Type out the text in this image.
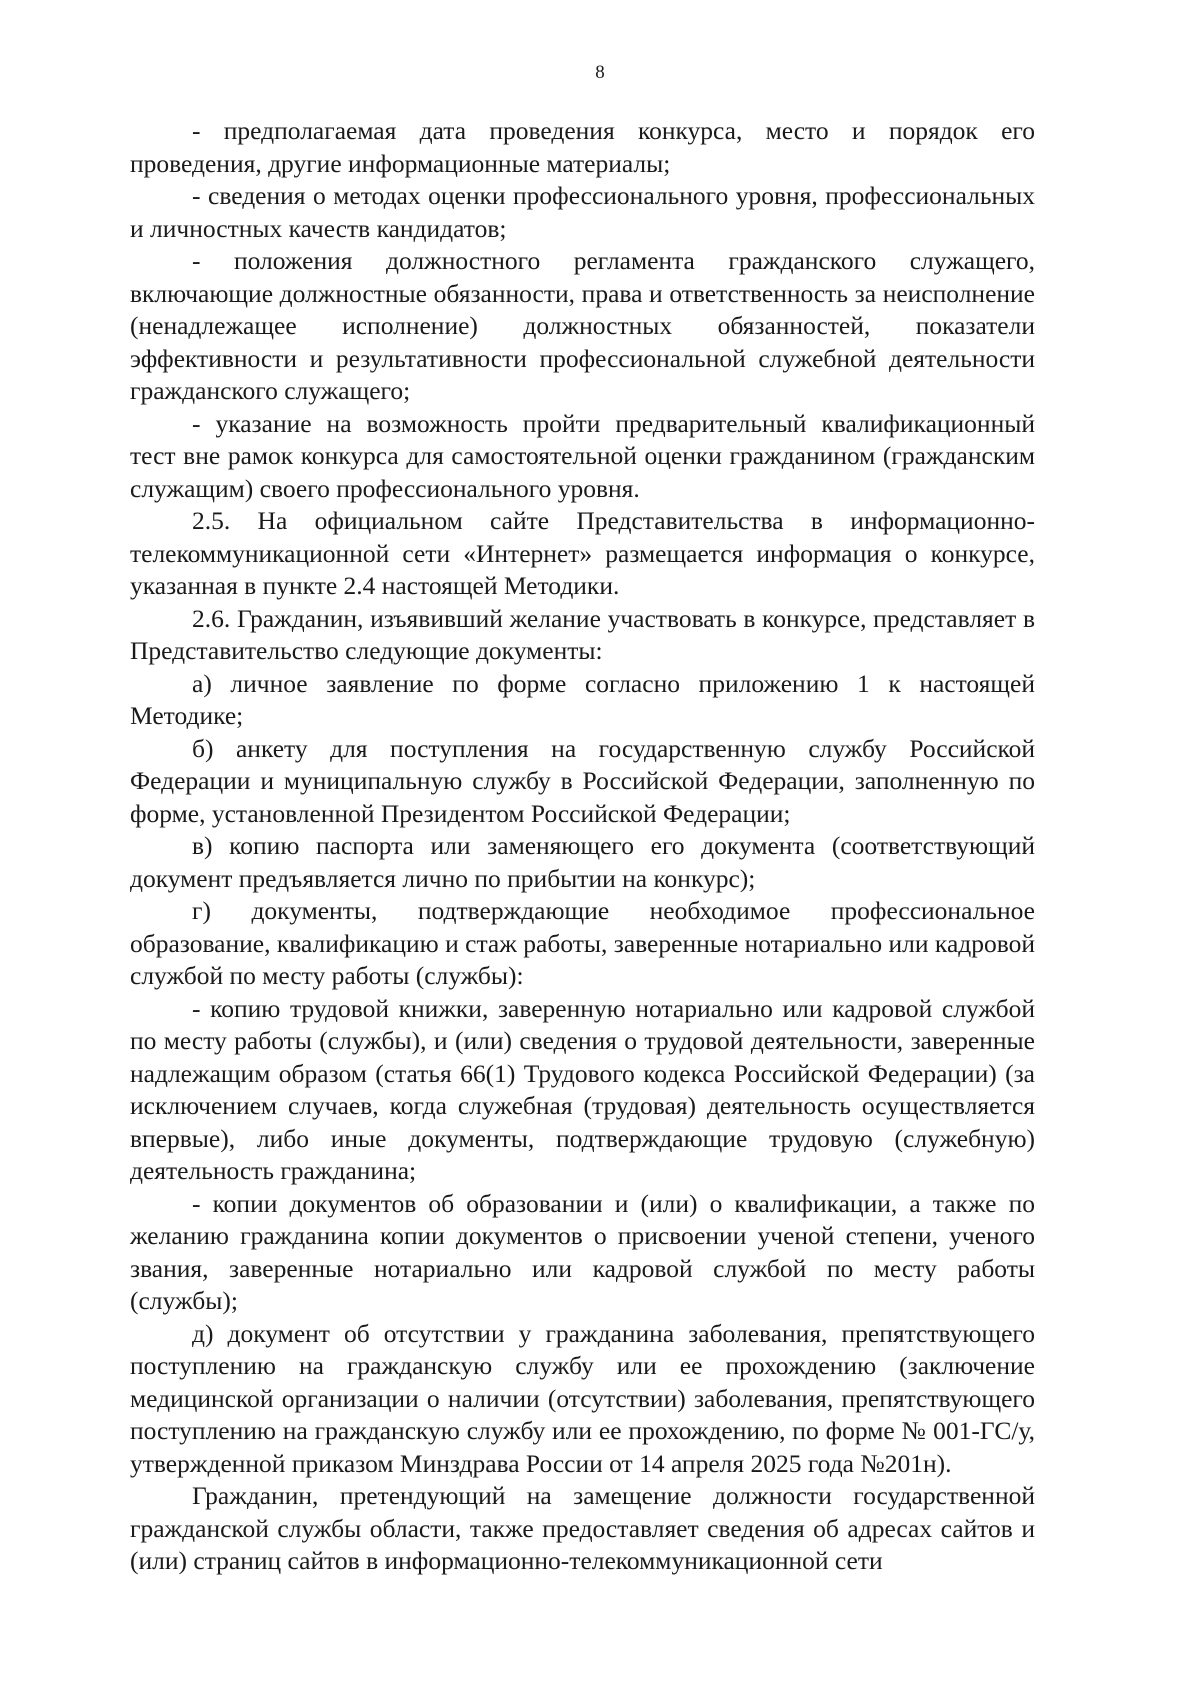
8

- предполагаемая дата проведения конкурса, место и порядок его проведения, другие информационные материалы;

- сведения о методах оценки профессионального уровня, профессиональных и личностных качеств кандидатов;

- положения должностного регламента гражданского служащего, включающие должностные обязанности, права и ответственность за неисполнение (ненадлежащее исполнение) должностных обязанностей, показатели эффективности и результативности профессиональной служебной деятельности гражданского служащего;

- указание на возможность пройти предварительный квалификационный тест вне рамок конкурса для самостоятельной оценки гражданином (гражданским служащим) своего профессионального уровня.

2.5. На официальном сайте Представительства в информационно-телекоммуникационной сети «Интернет» размещается информация о конкурсе, указанная в пункте 2.4 настоящей Методики.

2.6. Гражданин, изъявивший желание участвовать в конкурсе, представляет в Представительство следующие документы:

а) личное заявление по форме согласно приложению 1 к настоящей Методике;

б) анкету для поступления на государственную службу Российской Федерации и муниципальную службу в Российской Федерации, заполненную по форме, установленной Президентом Российской Федерации;

в) копию паспорта или заменяющего его документа (соответствующий документ предъявляется лично по прибытии на конкурс);

г) документы, подтверждающие необходимое профессиональное образование, квалификацию и стаж работы, заверенные нотариально или кадровой службой по месту работы (службы):

- копию трудовой книжки, заверенную нотариально или кадровой службой по месту работы (службы), и (или) сведения о трудовой деятельности, заверенные надлежащим образом (статья 66(1) Трудового кодекса Российской Федерации) (за исключением случаев, когда служебная (трудовая) деятельность осуществляется впервые), либо иные документы, подтверждающие трудовую (служебную) деятельность гражданина;

- копии документов об образовании и (или) о квалификации, а также по желанию гражданина копии документов о присвоении ученой степени, ученого звания, заверенные нотариально или кадровой службой по месту работы (службы);

д) документ об отсутствии у гражданина заболевания, препятствующего поступлению на гражданскую службу или ее прохождению (заключение медицинской организации о наличии (отсутствии) заболевания, препятствующего поступлению на гражданскую службу или ее прохождению, по форме № 001-ГС/у, утвержденной приказом Минздрава России от 14 апреля 2025 года №201н).

Гражданин, претендующий на замещение должности государственной гражданской службы области, также предоставляет сведения об адресах сайтов и (или) страниц сайтов в информационно-телекоммуникационной сети
